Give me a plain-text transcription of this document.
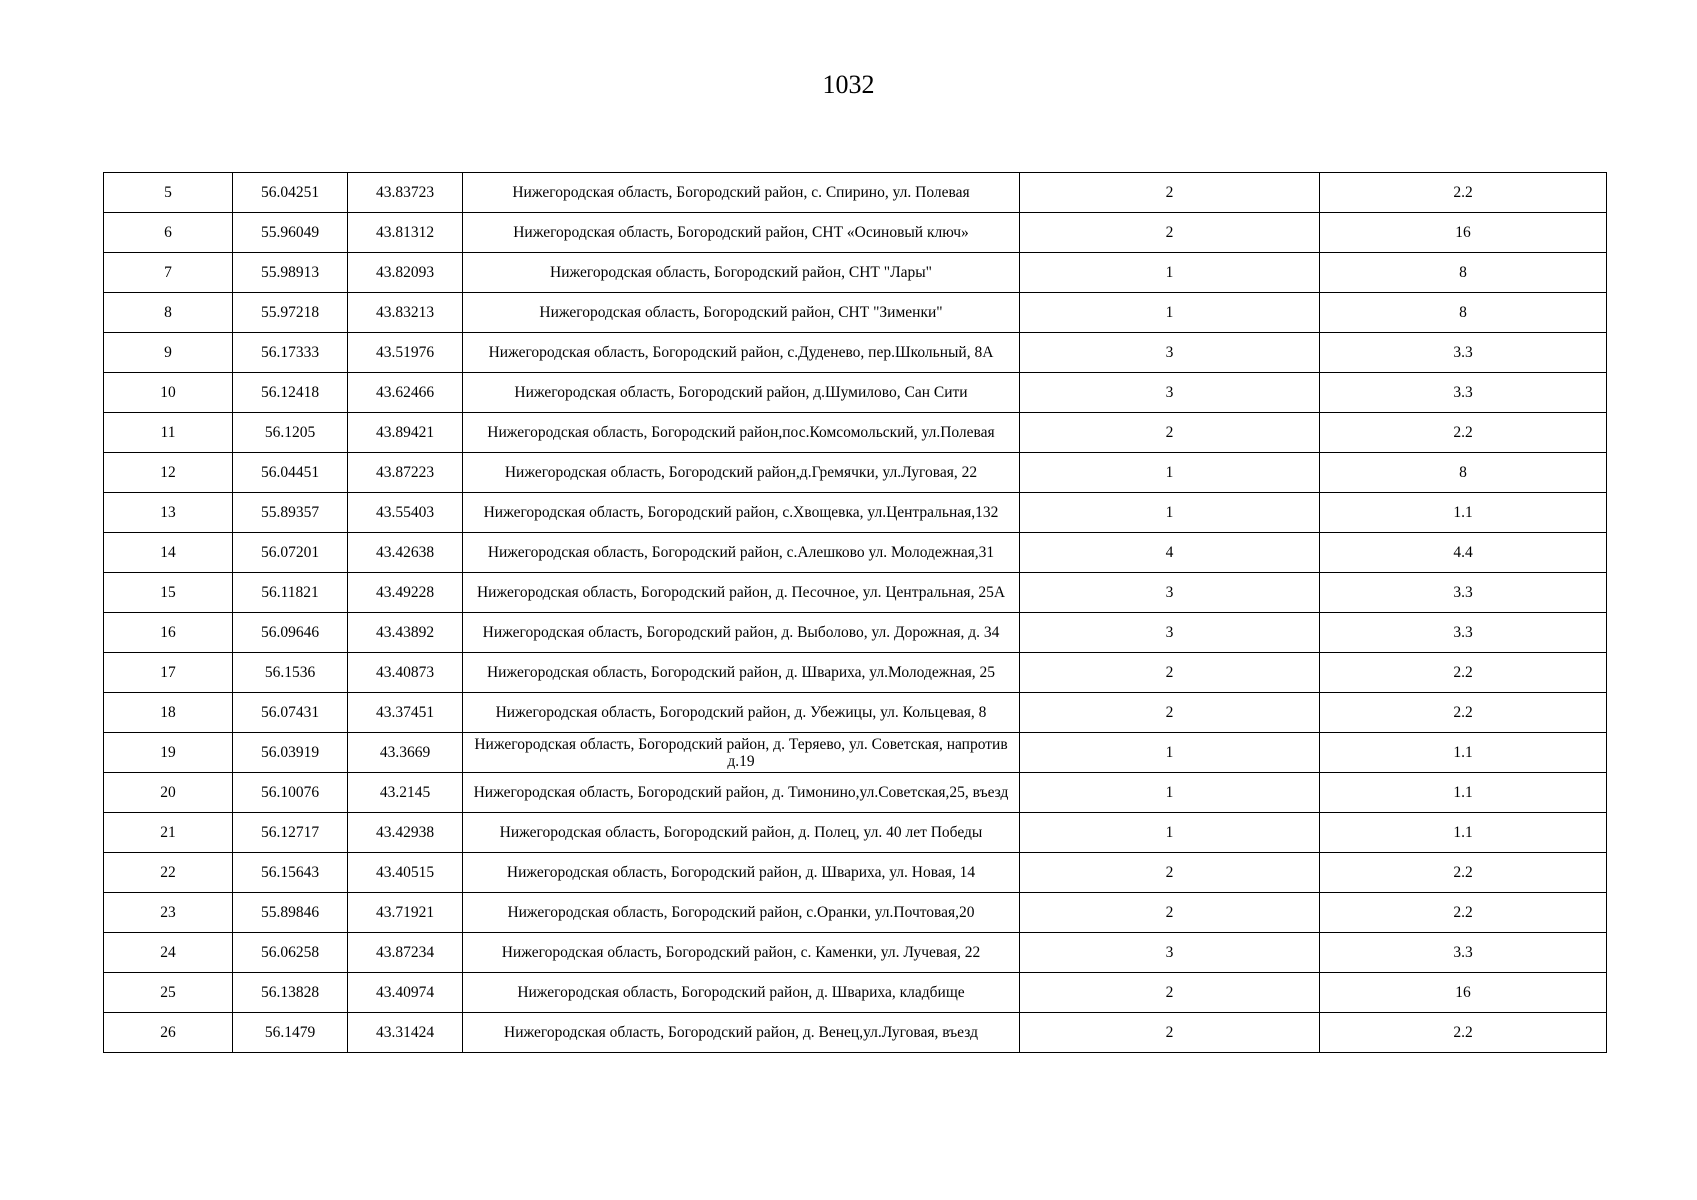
1032
5	56.04251	43.83723	Нижегородская область, Богородский район, с. Спирино, ул. Полевая	2	2.2
6	55.96049	43.81312	Нижегородская область, Богородский район, СНТ «Осиновый ключ»	2	16
7	55.98913	43.82093	Нижегородская область, Богородский район, СНТ "Лары"	1	8
8	55.97218	43.83213	Нижегородская область, Богородский район, СНТ "Зименки"	1	8
9	56.17333	43.51976	Нижегородская область, Богородский район, с.Дуденево, пер.Школьный, 8А	3	3.3
10	56.12418	43.62466	Нижегородская область, Богородский район, д.Шумилово, Сан Сити	3	3.3
11	56.1205	43.89421	Нижегородская область, Богородский район,пос.Комсомольский, ул.Полевая	2	2.2
12	56.04451	43.87223	Нижегородская область, Богородский район,д.Гремячки, ул.Луговая, 22	1	8
13	55.89357	43.55403	Нижегородская область, Богородский район, с.Хвощевка, ул.Центральная,132	1	1.1
14	56.07201	43.42638	Нижегородская область, Богородский район, с.Алешково ул. Молодежная,31	4	4.4
15	56.11821	43.49228	Нижегородская область, Богородский район, д. Песочное, ул. Центральная, 25А	3	3.3
16	56.09646	43.43892	Нижегородская область, Богородский район, д. Выболово, ул. Дорожная, д. 34	3	3.3
17	56.1536	43.40873	Нижегородская область, Богородский район, д. Швариха, ул.Молодежная, 25	2	2.2
18	56.07431	43.37451	Нижегородская область, Богородский район, д. Убежицы, ул. Кольцевая, 8	2	2.2
19	56.03919	43.3669	Нижегородская область, Богородский район, д. Теряево, ул. Советская, напротив д.19	1	1.1
20	56.10076	43.2145	Нижегородская область, Богородский район, д. Тимонино,ул.Советская,25, въезд	1	1.1
21	56.12717	43.42938	Нижегородская область, Богородский район, д. Полец, ул. 40 лет Победы	1	1.1
22	56.15643	43.40515	Нижегородская область, Богородский район, д. Швариха, ул. Новая, 14	2	2.2
23	55.89846	43.71921	Нижегородская область, Богородский район, с.Оранки, ул.Почтовая,20	2	2.2
24	56.06258	43.87234	Нижегородская область, Богородский район, с. Каменки, ул. Лучевая, 22	3	3.3
25	56.13828	43.40974	Нижегородская область, Богородский район, д. Швариха, кладбище	2	16
26	56.1479	43.31424	Нижегородская область, Богородский район, д. Венец,ул.Луговая, въезд	2	2.2
